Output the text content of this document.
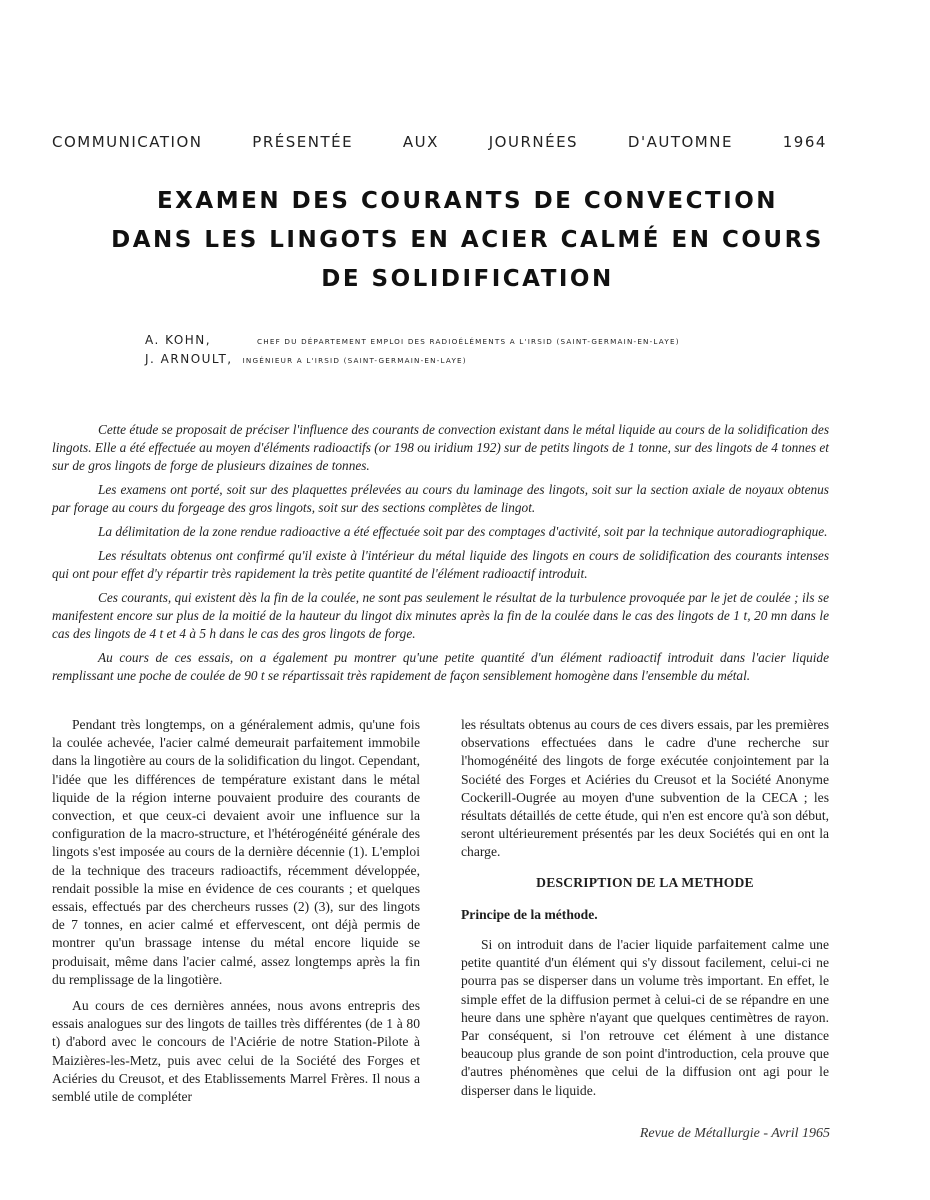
COMMUNICATION	PRÉSENTÉE	AUX	JOURNÉES	D'AUTOMNE	1964
EXAMEN DES COURANTS DE CONVECTION
DANS LES LINGOTS EN ACIER CALMÉ EN COURS
DE SOLIDIFICATION
A. KOHN,	CHEF DU DÉPARTEMENT EMPLOI DES RADIOÉLÉMENTS A L'IRSID (SAINT-GERMAIN-EN-LAYE)
J. ARNOULT, INGÉNIEUR A L'IRSID (SAINT-GERMAIN-EN-LAYE)

Cette étude se proposait de préciser l'influence des courants de convection existant dans le métal liquide au cours de la solidification des lingots. Elle a été effectuée au moyen d'éléments radioactifs (or 198 ou iridium 192) sur de petits lingots de 1 tonne, sur des lingots de 4 tonnes et sur de gros lingots de forge de plusieurs dizaines de tonnes.

Les examens ont porté, soit sur des plaquettes prélevées au cours du laminage des lingots, soit sur la section axiale de noyaux obtenus par forage au cours du forgeage des gros lingots, soit sur des sections complètes de lingot.

La délimitation de la zone rendue radioactive a été effectuée soit par des comptages d'activité, soit par la technique autoradiographique.

Les résultats obtenus ont confirmé qu'il existe à l'intérieur du métal liquide des lingots en cours de solidification des courants intenses qui ont pour effet d'y répartir très rapidement la très petite quantité de l'élément radioactif introduit.

Ces courants, qui existent dès la fin de la coulée, ne sont pas seulement le résultat de la turbulence provoquée par le jet de coulée ; ils se manifestent encore sur plus de la moitié de la hauteur du lingot dix minutes après la fin de la coulée dans le cas des lingots de 1 t, 20 mn dans le cas des lingots de 4 t et 4 à 5 h dans le cas des gros lingots de forge.

Au cours de ces essais, on a également pu montrer qu'une petite quantité d'un élément radioactif introduit dans l'acier liquide remplissant une poche de coulée de 90 t se répartissait très rapidement de façon sensiblement homogène dans l'ensemble du métal.

Pendant très longtemps, on a généralement admis, qu'une fois la coulée achevée, l'acier calmé demeurait parfaitement immobile dans la lingotière au cours de la solidification du lingot. Cependant, l'idée que les différences de température existant dans le métal liquide de la région interne pouvaient produire des courants de convection, et que ceux-ci devaient avoir une influence sur la configuration de la macro-structure, et l'hétérogénéité générale des lingots s'est imposée au cours de la dernière décennie (1). L'emploi de la technique des traceurs radioactifs, récemment développée, rendait possible la mise en évidence de ces courants ; et quelques essais, effectués par des chercheurs russes (2) (3), sur des lingots de 7 tonnes, en acier calmé et effervescent, ont déjà permis de montrer qu'un brassage intense du métal encore liquide se produisait, même dans l'acier calmé, assez longtemps après la fin du remplissage de la lingotière.

Au cours de ces dernières années, nous avons entrepris des essais analogues sur des lingots de tailles très différentes (de 1 à 80 t) d'abord avec le concours de l'Aciérie de notre Station-Pilote à Maizières-les-Metz, puis avec celui de la Société des Forges et Aciéries du Creusot, et des Etablissements Marrel Frères. Il nous a semblé utile de compléter

les résultats obtenus au cours de ces divers essais, par les premières observations effectuées dans le cadre d'une recherche sur l'homogénéité des lingots de forge exécutée conjointement par la Société des Forges et Aciéries du Creusot et la Société Anonyme Cockerill-Ougrée au moyen d'une subvention de la CECA ; les résultats détaillés de cette étude, qui n'en est encore qu'à son début, seront ultérieurement présentés par les deux Sociétés qui en ont la charge.

DESCRIPTION DE LA METHODE
Principe de la méthode.

Si on introduit dans de l'acier liquide parfaitement calme une petite quantité d'un élément qui s'y dissout facilement, celui-ci ne pourra pas se disperser dans un volume très important. En effet, le simple effet de la diffusion permet à celui-ci de se répandre en une heure dans une sphère n'ayant que quelques centimètres de rayon. Par conséquent, si l'on retrouve cet élément à une distance beaucoup plus grande de son point d'introduction, cela prouve que d'autres phénomènes que celui de la diffusion ont agi pour le disperser dans le liquide.

Revue de Métallurgie - Avril 1965
